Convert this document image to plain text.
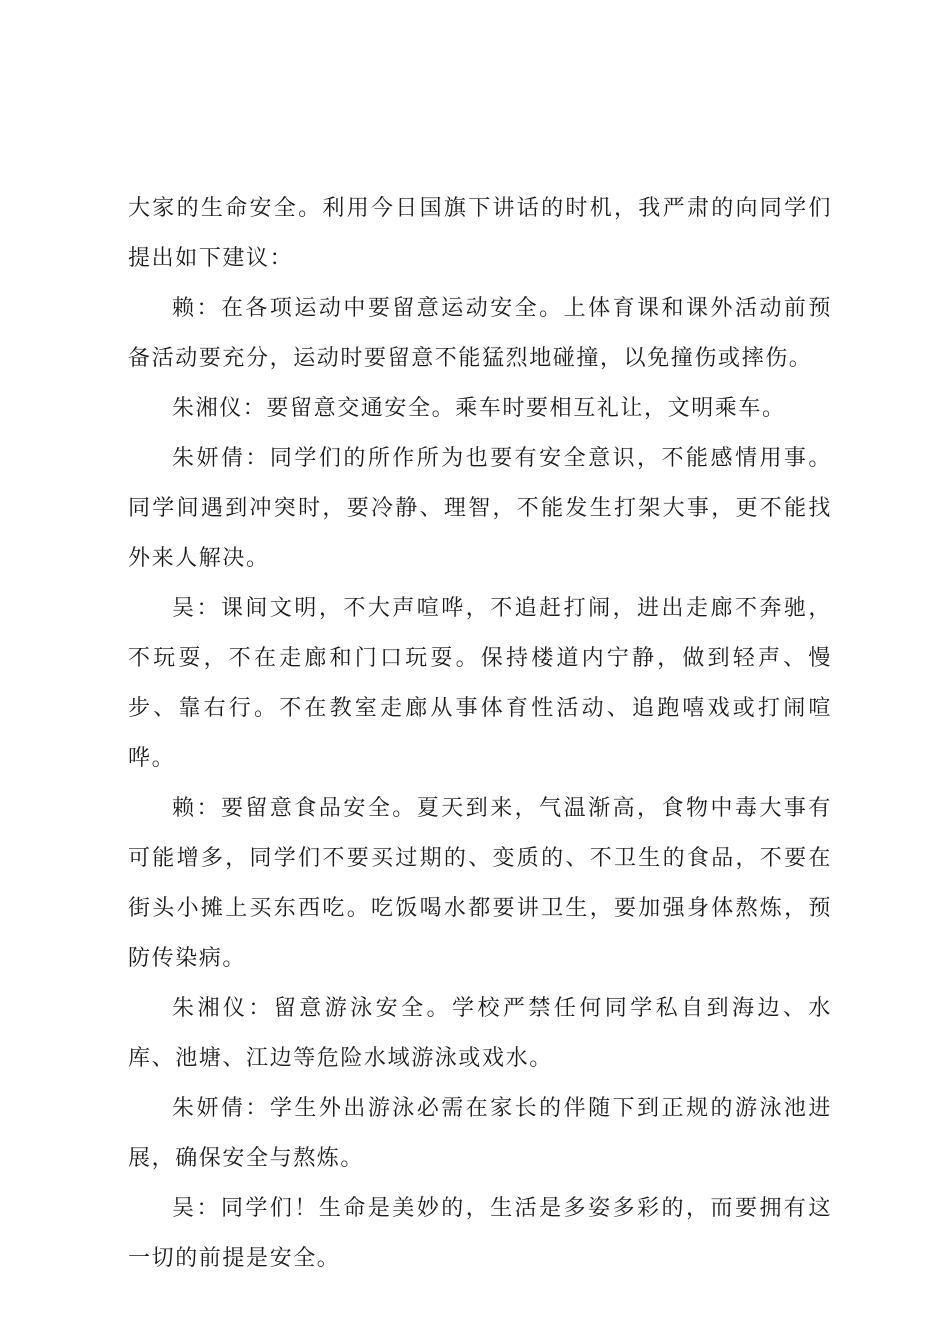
大家的生命安全。利用今日国旗下讲话的时机，我严肃的向同学们提出如下建议：

赖：在各项运动中要留意运动安全。上体育课和课外活动前预备活动要充分，运动时要留意不能猛烈地碰撞，以免撞伤或摔伤。

朱湘仪：要留意交通安全。乘车时要相互礼让，文明乘车。

朱妍倩：同学们的所作所为也要有安全意识，不能感情用事。同学间遇到冲突时，要冷静、理智，不能发生打架大事，更不能找外来人解决。

吴：课间文明，不大声喧哗，不追赶打闹，进出走廊不奔驰，不玩耍，不在走廊和门口玩耍。保持楼道内宁静，做到轻声、慢步、靠右行。不在教室走廊从事体育性活动、追跑嘻戏或打闹喧哗。

赖：要留意食品安全。夏天到来，气温渐高，食物中毒大事有可能增多，同学们不要买过期的、变质的、不卫生的食品，不要在街头小摊上买东西吃。吃饭喝水都要讲卫生，要加强身体熬炼，预防传染病。

朱湘仪：留意游泳安全。学校严禁任何同学私自到海边、水库、池塘、江边等危险水域游泳或戏水。

朱妍倩：学生外出游泳必需在家长的伴随下到正规的游泳池进展，确保安全与熬炼。

吴：同学们！生命是美妙的，生活是多姿多彩的，而要拥有这一切的前提是安全。
